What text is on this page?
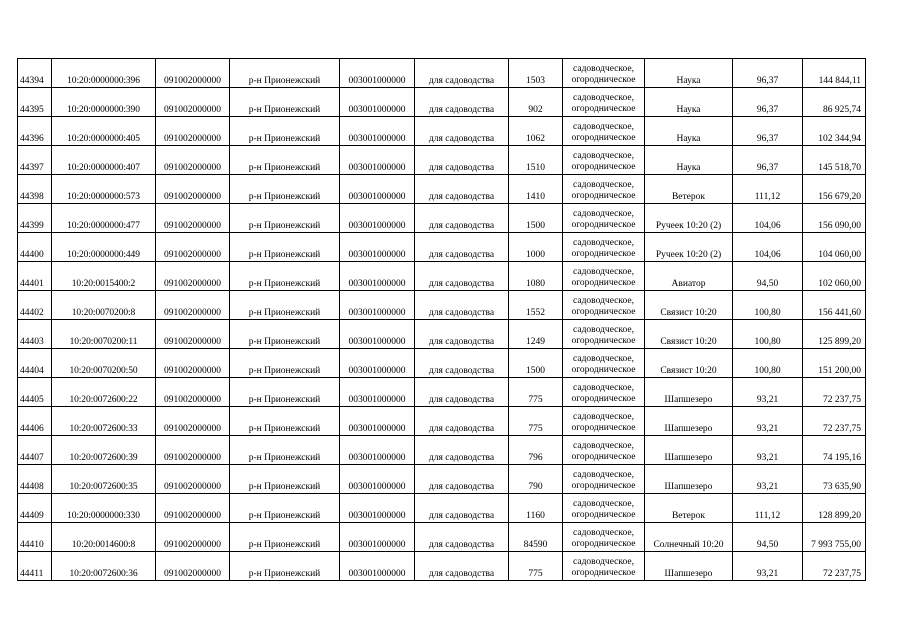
44394	10:20:0000000:396	091002000000	р-н Прионежский	003001000000	для садоводства	1503	садоводческое,
огородническое	Наука	96,37	144 844,11
44395	10:20:0000000:390	091002000000	р-н Прионежский	003001000000	для садоводства	902	садоводческое,
огородническое	Наука	96,37	86 925,74
44396	10:20:0000000:405	091002000000	р-н Прионежский	003001000000	для садоводства	1062	садоводческое,
огородническое	Наука	96,37	102 344,94
44397	10:20:0000000:407	091002000000	р-н Прионежский	003001000000	для садоводства	1510	садоводческое,
огородническое	Наука	96,37	145 518,70
44398	10:20:0000000:573	091002000000	р-н Прионежский	003001000000	для садоводства	1410	садоводческое,
огородническое	Ветерок	111,12	156 679,20
44399	10:20:0000000:477	091002000000	р-н Прионежский	003001000000	для садоводства	1500	садоводческое,
огородническое	Ручеек 10:20 (2)	104,06	156 090,00
44400	10:20:0000000:449	091002000000	р-н Прионежский	003001000000	для садоводства	1000	садоводческое,
огородническое	Ручеек 10:20 (2)	104,06	104 060,00
44401	10:20:0015400:2	091002000000	р-н Прионежский	003001000000	для садоводства	1080	садоводческое,
огородническое	Авиатор	94,50	102 060,00
44402	10:20:0070200:8	091002000000	р-н Прионежский	003001000000	для садоводства	1552	садоводческое,
огородническое	Связист 10:20	100,80	156 441,60
44403	10:20:0070200:11	091002000000	р-н Прионежский	003001000000	для садоводства	1249	садоводческое,
огородническое	Связист 10:20	100,80	125 899,20
44404	10:20:0070200:50	091002000000	р-н Прионежский	003001000000	для садоводства	1500	садоводческое,
огородническое	Связист 10:20	100,80	151 200,00
44405	10:20:0072600:22	091002000000	р-н Прионежский	003001000000	для садоводства	775	садоводческое,
огородническое	Шапшезеро	93,21	72 237,75
44406	10:20:0072600:33	091002000000	р-н Прионежский	003001000000	для садоводства	775	садоводческое,
огородническое	Шапшезеро	93,21	72 237,75
44407	10:20:0072600:39	091002000000	р-н Прионежский	003001000000	для садоводства	796	садоводческое,
огородническое	Шапшезеро	93,21	74 195,16
44408	10:20:0072600:35	091002000000	р-н Прионежский	003001000000	для садоводства	790	садоводческое,
огородническое	Шапшезеро	93,21	73 635,90
44409	10:20:0000000:330	091002000000	р-н Прионежский	003001000000	для садоводства	1160	садоводческое,
огородническое	Ветерок	111,12	128 899,20
44410	10:20:0014600:8	091002000000	р-н Прионежский	003001000000	для садоводства	84590	садоводческое,
огородническое	Солнечный 10:20	94,50	7 993 755,00
44411	10:20:0072600:36	091002000000	р-н Прионежский	003001000000	для садоводства	775	садоводческое,
огородническое	Шапшезеро	93,21	72 237,75
